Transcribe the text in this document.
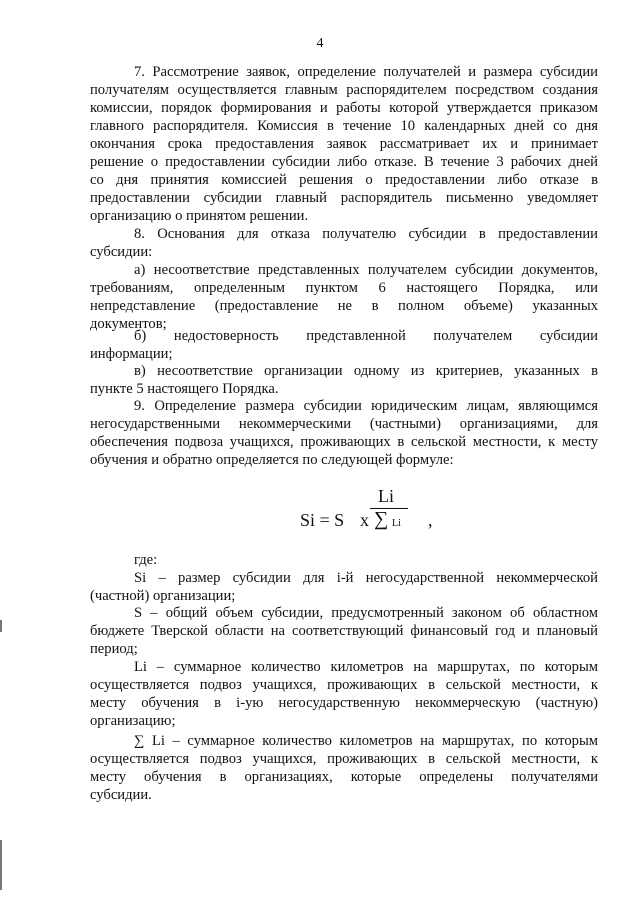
4
7. Рассмотрение заявок, определение получателей и размера субсидии
получателям осуществляется главным распорядителем посредством создания
комиссии, порядок формирования и работы которой утверждается приказом
главного распорядителя. Комиссия в течение 10 календарных дней со дня
окончания срока предоставления заявок рассматривает их и принимает
решение о предоставлении субсидии либо отказе. В течение 3 рабочих дней
со дня принятия комиссией решения о предоставлении либо отказе в
предоставлении субсидии главный распорядитель письменно уведомляет
организацию о принятом решении.
8. Основания для отказа получателю субсидии в предоставлении
субсидии:
а) несоответствие представленных получателем субсидии документов,
требованиям, определенным пунктом 6 настоящего Порядка, или
непредставление (предоставление не в полном объеме) указанных
документов;
б) недостоверность представленной получателем субсидии
информации;
в) несоответствие организации одному из критериев, указанных в
пункте 5 настоящего Порядка.
9. Определение размера субсидии юридическим лицам, являющимся
негосударственными некоммерческими (частными) организациями, для
обеспечения подвоза учащихся, проживающих в сельской местности, к месту
обучения и обратно определяется по следующей формуле:
Li
Si = S x ∑ Li ,
где:
Si – размер субсидии для i-й негосударственной некоммерческой
(частной) организации;
S – общий объем субсидии, предусмотренный законом об областном
бюджете Тверской области на соответствующий финансовый год и плановый
период;
Li – суммарное количество километров на маршрутах, по которым
осуществляется подвоз учащихся, проживающих в сельской местности, к
месту обучения в i-ую негосударственную некоммерческую (частную)
организацию;
∑ Li – суммарное количество километров на маршрутах, по которым
осуществляется подвоз учащихся, проживающих в сельской местности, к
месту обучения в организациях, которые определены получателями
субсидии.
